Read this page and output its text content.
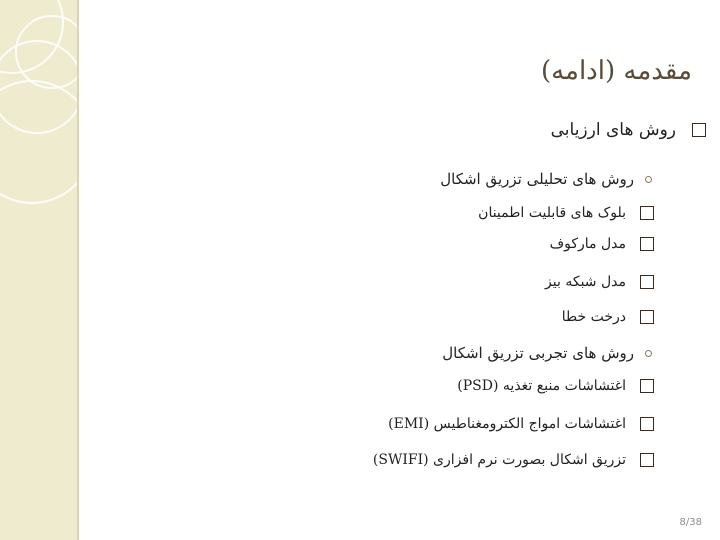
مقدمه (ادامه)
روش های ارزیابی
روش های تحلیلی تزریق اشکال
بلوک های قابلیت اطمینان
مدل مارکوف
مدل شبکه بیز
درخت خطا
روش های تجربی تزریق اشکال
اغتشاشات منبع تغذیه (PSD)
اغتشاشات امواج الکترومغناطیس (EMI)
تزریق اشکال بصورت نرم افزاری (SWIFI)
8/38
